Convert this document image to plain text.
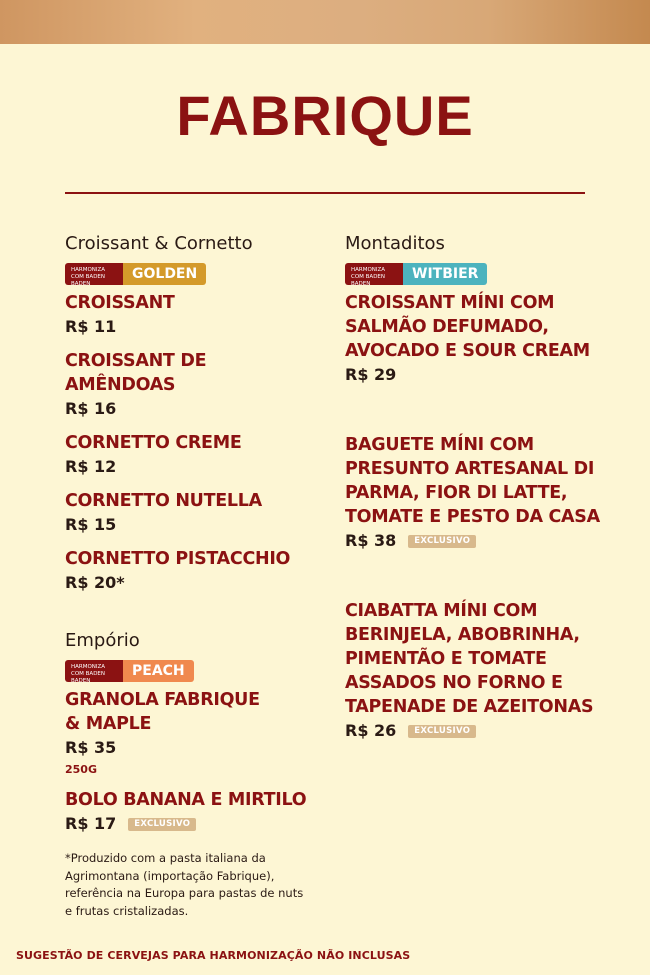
FABRIQUE
Croissant & Cornetto
HARMONIZA COM BADEN BADEN
GOLDEN
CROISSANT
R$ 11
CROISSANT DE AMÊNDOAS
R$ 16
CORNETTO CREME
R$ 12
CORNETTO NUTELLA
R$ 15
CORNETTO PISTACCHIO
R$ 20*
Empório
HARMONIZA COM BADEN BADEN
PEACH
GRANOLA FABRIQUE & MAPLE
R$ 35
250G
BOLO BANANA E MIRTILO
R$ 17	EXCLUSIVO
*Produzido com a pasta italiana da Agrimontana (importação Fabrique), referência na Europa para pastas de nuts e frutas cristalizadas.
Montaditos
HARMONIZA COM BADEN BADEN
WITBIER
CROISSANT MÍNI COM SALMÃO DEFUMADO, AVOCADO E SOUR CREAM
R$ 29
BAGUETE MÍNI COM PRESUNTO ARTESANAL DI PARMA, FIOR DI LATTE, TOMATE E PESTO DA CASA
R$ 38	EXCLUSIVO
CIABATTA MÍNI COM BERINJELA, ABOBRINHA, PIMENTÃO E TOMATE ASSADOS NO FORNO E TAPENADE DE AZEITONAS
R$ 26	EXCLUSIVO
SUGESTÃO DE CERVEJAS PARA HARMONIZAÇÃO NÃO INCLUSAS
